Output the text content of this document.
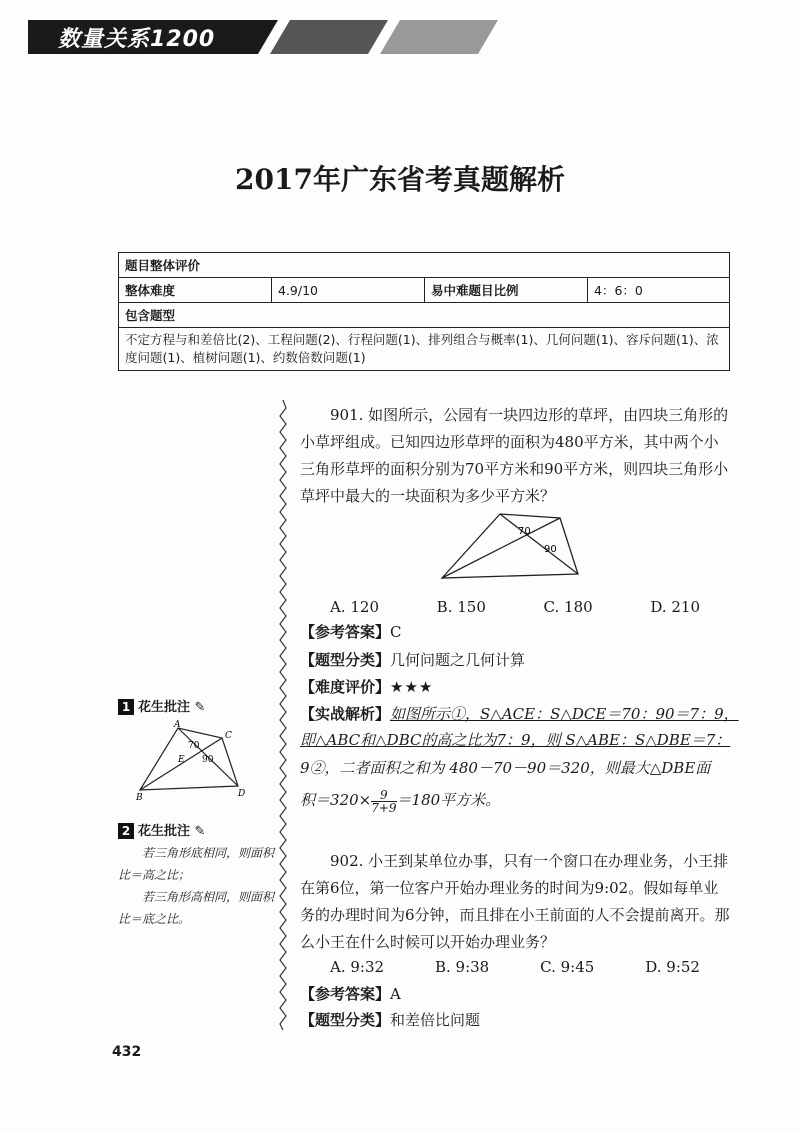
数量关系1200
2017年广东省考真题解析
题目整体评价
整体难度	4.9/10	易中难题目比例	4：6：0
包含题型
不定方程与和差倍比(2)、工程问题(2)、行程问题(1)、排列组合与概率(1)、几何问题(1)、容斥问题(1)、浓度问题(1)、植树问题(1)、约数倍数问题(1)
901. 如图所示，公园有一块四边形的草坪，由四块三角形的小草坪组成。已知四边形草坪的面积为480平方米，其中两个小三角形草坪的面积分别为70平方米和90平方米，则四块三角形小草坪中最大的一块面积为多少平方米？
70
90
A. 120	B. 150	C. 180	D. 210
【参考答案】C
【题型分类】几何问题之几何计算
【难度评价】★★★
【实战解析】如图所示①，S△ACE：S△DCE＝70：90＝7：9，
即△ABC和△DBC的高之比为7：9，则 S△ABE：S△DBE＝7：
9②，二者面积之和为 480－70－90＝320，则最大△DBE面
积$=320\times \frac{9}{7+9} =180$平方米。
902. 小王到某单位办事，只有一个窗口在办理业务，小王排在第6位，第一位客户开始办理业务的时间为9:02。假如每单业务的办理时间为6分钟，而且排在小王前面的人不会提前离开。那么小王在什么时候可以开始办理业务？
A. 9:32	B. 9:38	C. 9:45	D. 9:52
【参考答案】A
【题型分类】和差倍比问题
1 花生批注 ✎
A
C
E
B	D
70
90
2 花生批注 ✎
若三角形底相同，则面积比＝高之比；
若三角形高相同，则面积比＝底之比。
432
